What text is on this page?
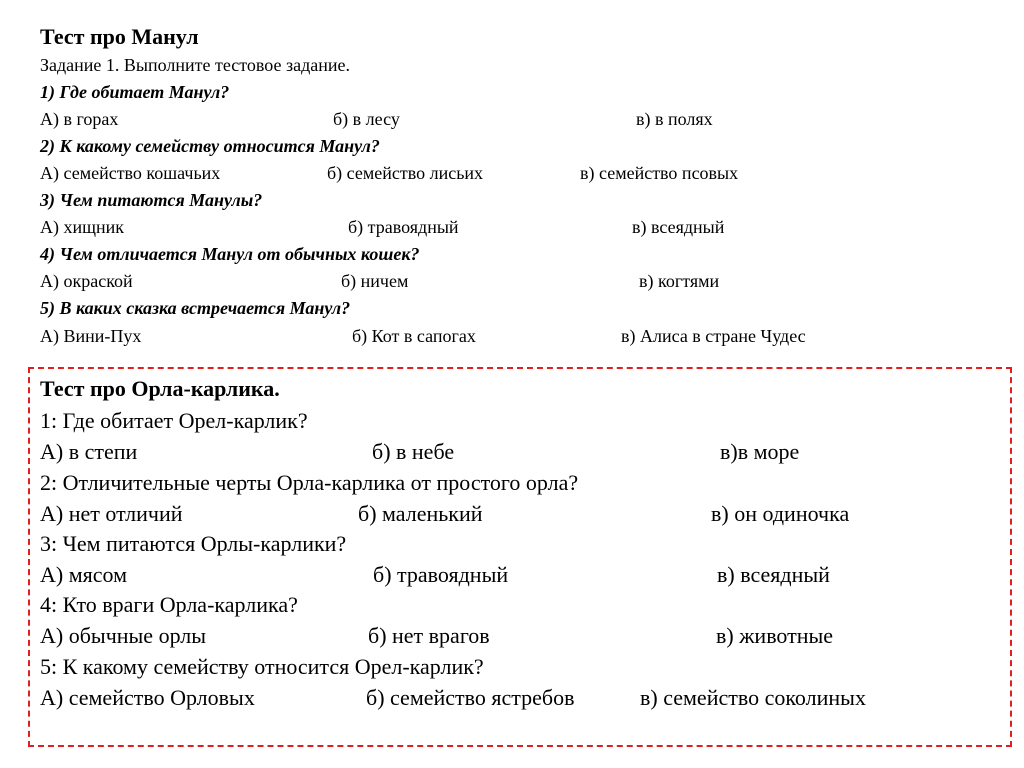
Тест про Манул
Задание 1. Выполните тестовое задание.
1) Где обитает Манул?
А) в горах	б) в лесу	в) в полях
2) К какому семейству относится Манул?
А) семейство кошачьих	б) семейство лисьих	в) семейство псовых
3) Чем питаются Манулы?
А) хищник	б) травоядный	в) всеядный
4) Чем отличается Манул от обычных кошек?
А) окраской	б) ничем	в) когтями
5) В каких сказка встречается Манул?
А) Вини-Пух	б) Кот в сапогах	в) Алиса в стране Чудес
Тест про Орла-карлика.
1: Где обитает Орел-карлик?
А) в степи	б) в небе	в)в море
2: Отличительные черты Орла-карлика от простого орла?
А) нет отличий	б) маленький	в) он одиночка
3: Чем питаются Орлы-карлики?
А) мясом	б) травоядный	в) всеядный
4: Кто враги Орла-карлика?
А) обычные орлы	б) нет врагов	в) животные
5: К какому семейству относится Орел-карлик?
А) семейство Орловых	б) семейство ястребов	в) семейство соколиных
